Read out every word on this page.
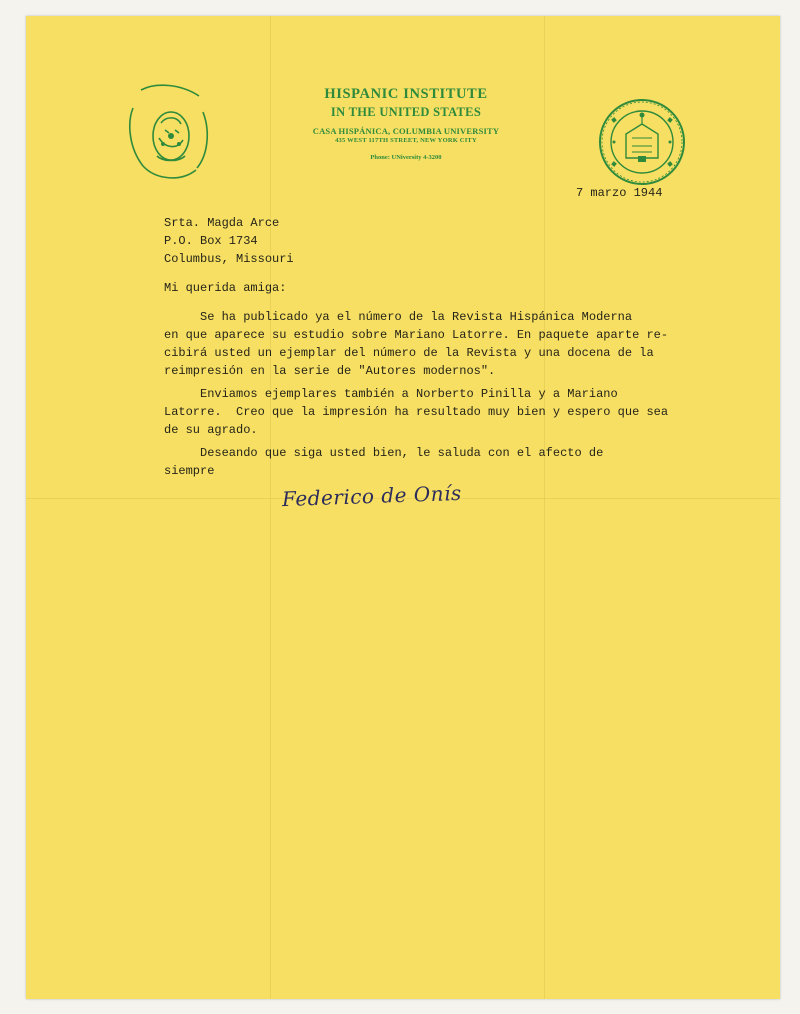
HISPANIC INSTITUTE
IN THE UNITED STATES
CASA HISPÁNICA, COLUMBIA UNIVERSITY
435 WEST 117TH STREET, NEW YORK CITY
Phone: UNiversity 4-3200
7 marzo 1944
Srta. Magda Arce
P.O. Box 1734
Columbus, Missouri
Mi querida amiga:
Se ha publicado ya el número de la Revista Hispánica Moderna
en que aparece su estudio sobre Mariano Latorre. En paquete aparte re-
cibirá usted un ejemplar del número de la Revista y una docena de la
reimpresión en la serie de "Autores modernos".
Enviamos ejemplares también a Norberto Pinilla y a Mariano
Latorre.  Creo que la impresión ha resultado muy bien y espero que sea
de su agrado.
Deseando que siga usted bien, le saluda con el afecto de
siempre
Federico de Onís
